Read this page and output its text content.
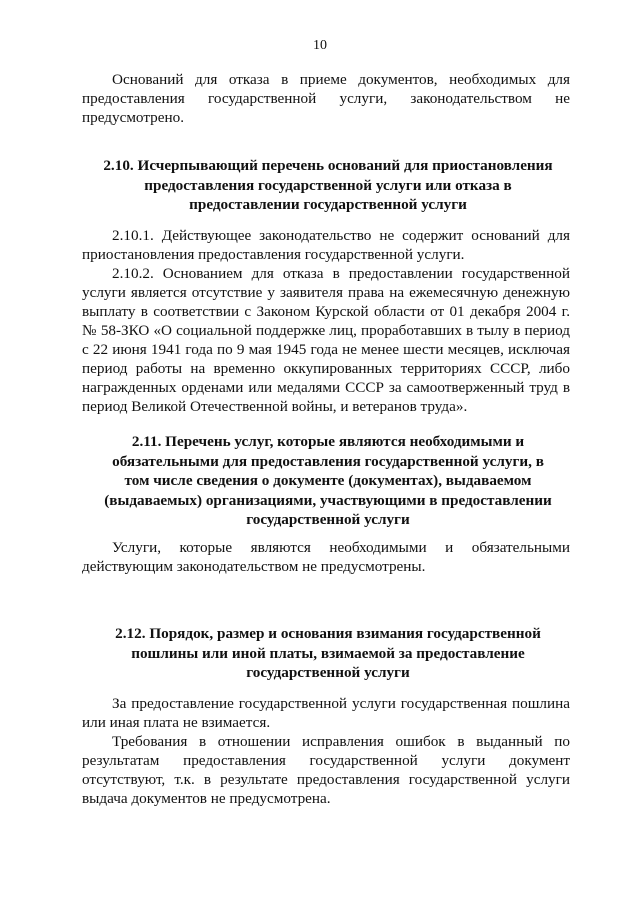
10

Оснований для отказа в приеме документов, необходимых для предоставления государственной услуги, законодательством не предусмотрено.

2.10. Исчерпывающий перечень оснований для приостановления предоставления государственной услуги или отказа в предоставлении государственной услуги

2.10.1. Действующее законодательство не содержит оснований для приостановления предоставления государственной услуги.

2.10.2. Основанием для отказа в предоставлении государственной услуги является отсутствие у заявителя права на ежемесячную денежную выплату в соответствии с Законом Курской области от 01 декабря 2004 г. № 58-ЗКО «О социальной поддержке лиц, проработавших в тылу в период с 22 июня 1941 года по 9 мая 1945 года не менее шести месяцев, исключая период работы на временно оккупированных территориях СССР, либо награжденных орденами или медалями СССР за самоотверженный труд в период Великой Отечественной войны, и ветеранов труда».

2.11. Перечень услуг, которые являются необходимыми и обязательными для предоставления государственной услуги, в том числе сведения о документе (документах), выдаваемом (выдаваемых) организациями, участвующими в предоставлении государственной услуги

Услуги, которые являются необходимыми и обязательными действующим законодательством не предусмотрены.

2.12. Порядок, размер и основания взимания государственной пошлины или иной платы, взимаемой за предоставление государственной услуги

За предоставление государственной услуги государственная пошлина или иная плата не взимается.

Требования в отношении исправления ошибок в выданный по результатам предоставления государственной услуги документ отсутствуют, т.к. в результате предоставления государственной услуги выдача документов не предусмотрена.
